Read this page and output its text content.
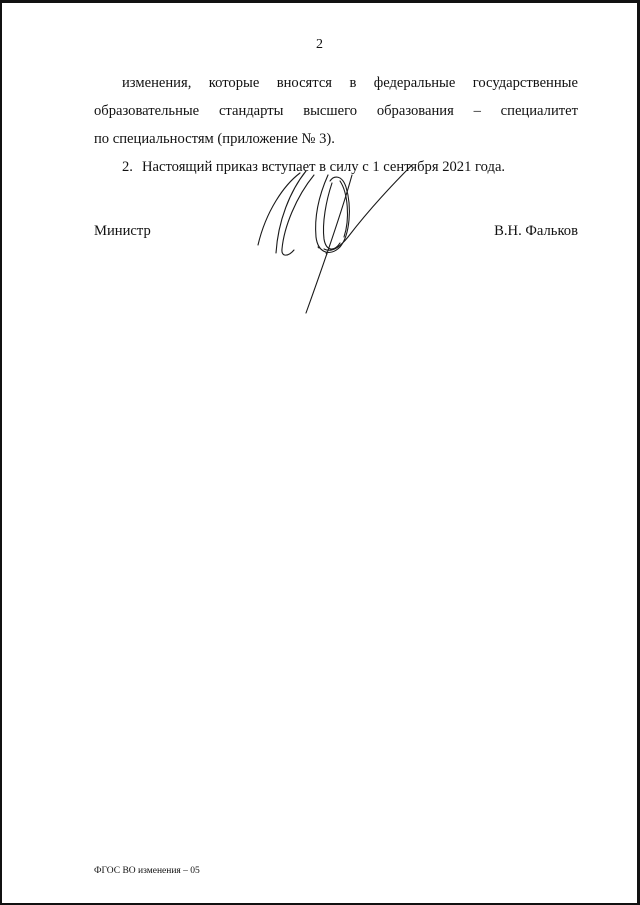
2
изменения, которые вносятся в федеральные государственные
образовательные стандарты высшего образования – специалитет
по специальностям (приложение № 3).
2. Настоящий приказ вступает в силу с 1 сентября 2021 года.
Министр	В.Н. Фальков
ФГОС ВО изменения – 05
